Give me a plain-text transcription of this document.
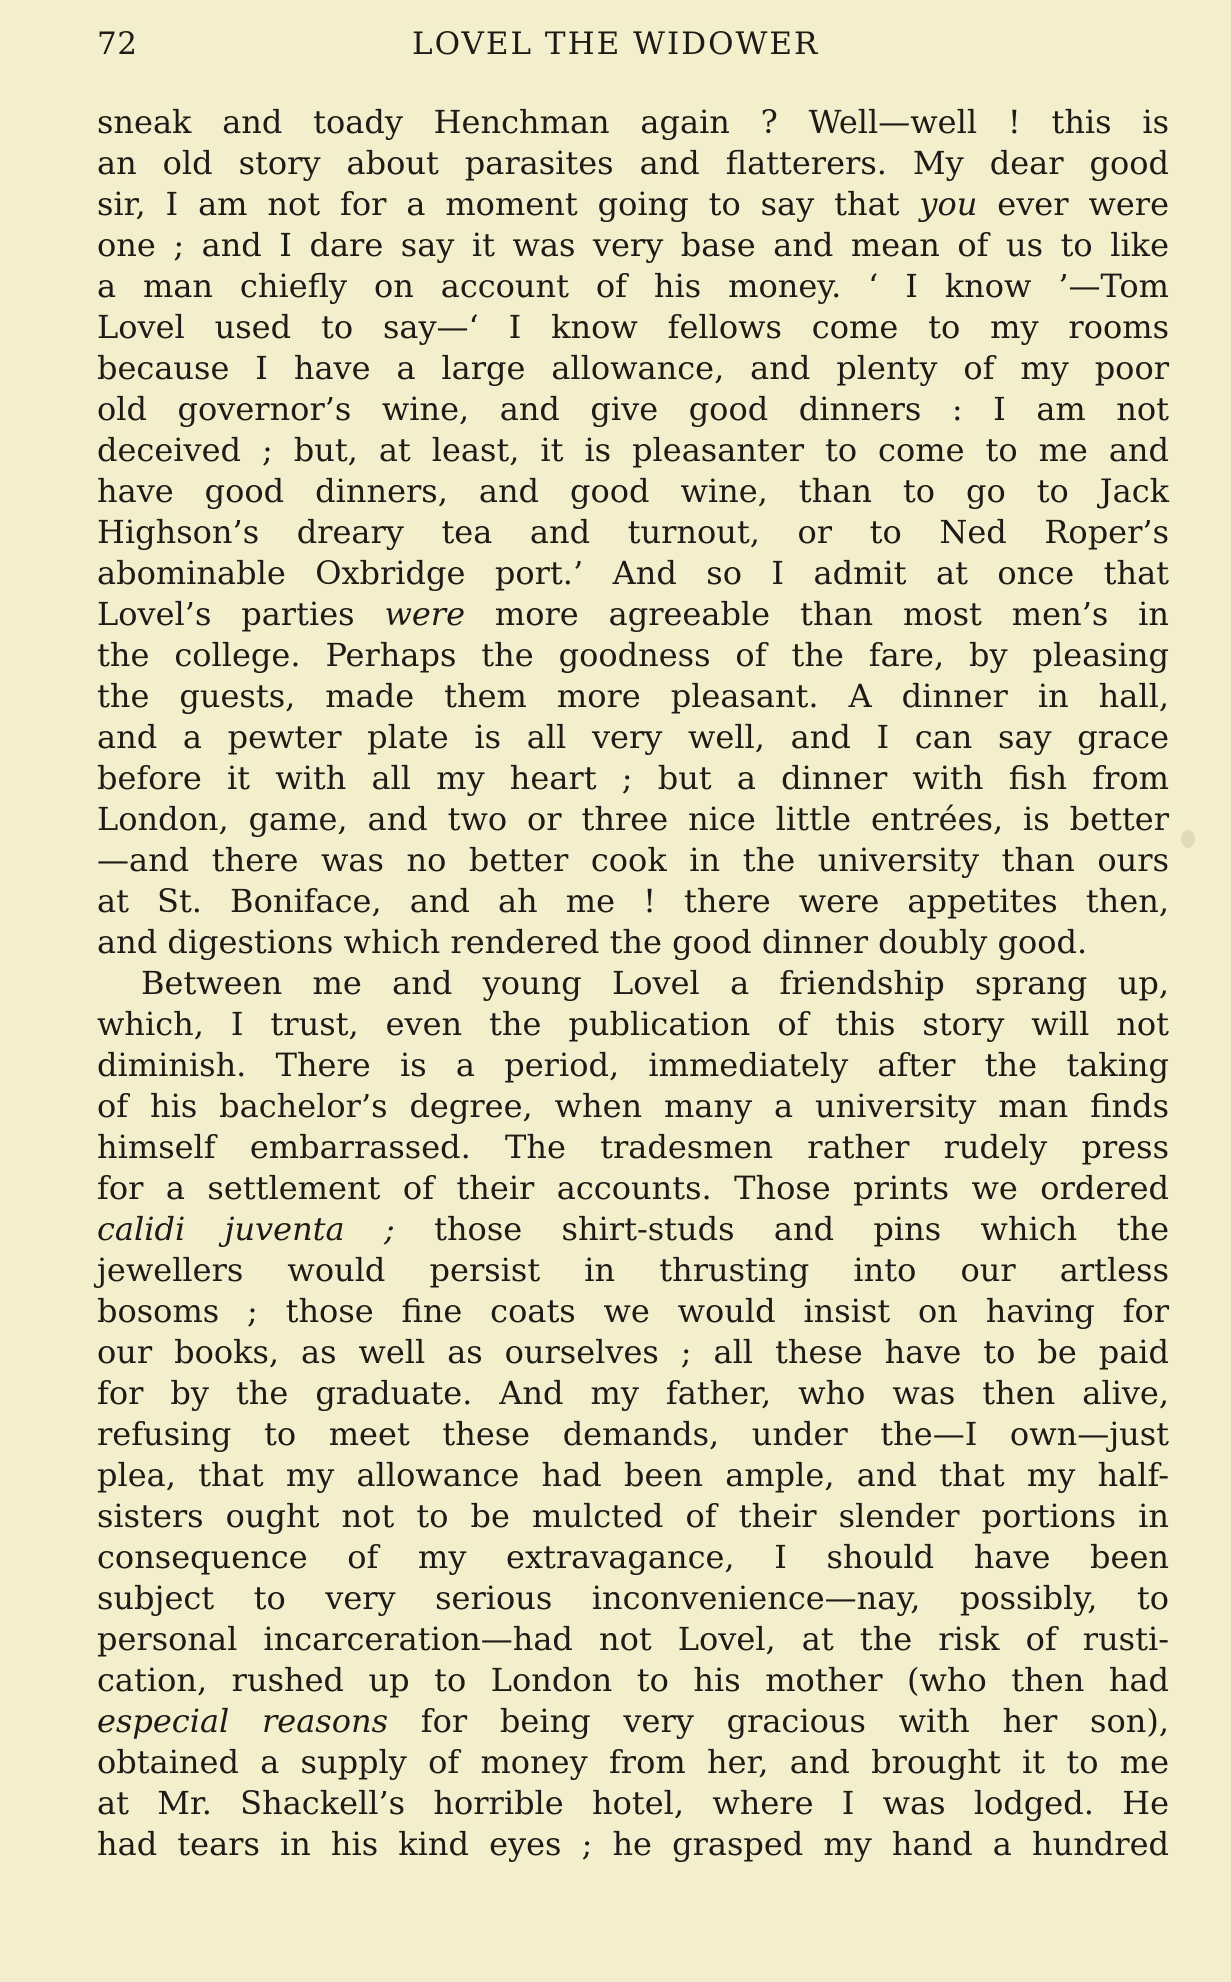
72	LOVEL THE WIDOWER
sneak and toady Henchman again ? Well—well ! this is
an old story about parasites and flatterers. My dear good
sir, I am not for a moment going to say that you ever were
one ; and I dare say it was very base and mean of us to like
a man chiefly on account of his money. ‘ I know ’—Tom
Lovel used to say—‘ I know fellows come to my rooms
because I have a large allowance, and plenty of my poor
old governor’s wine, and give good dinners : I am not
deceived ; but, at least, it is pleasanter to come to me and
have good dinners, and good wine, than to go to Jack
Highson’s dreary tea and turnout, or to Ned Roper’s
abominable Oxbridge port.’ And so I admit at once that
Lovel’s parties were more agreeable than most men’s in
the college. Perhaps the goodness of the fare, by pleasing
the guests, made them more pleasant. A dinner in hall,
and a pewter plate is all very well, and I can say grace
before it with all my heart ; but a dinner with fish from
London, game, and two or three nice little entrées, is better
—and there was no better cook in the university than ours
at St. Boniface, and ah me ! there were appetites then,
and digestions which rendered the good dinner doubly good.
Between me and young Lovel a friendship sprang up,
which, I trust, even the publication of this story will not
diminish. There is a period, immediately after the taking
of his bachelor’s degree, when many a university man finds
himself embarrassed. The tradesmen rather rudely press
for a settlement of their accounts. Those prints we ordered
calidi juventa ; those shirt-studs and pins which the
jewellers would persist in thrusting into our artless
bosoms ; those fine coats we would insist on having for
our books, as well as ourselves ; all these have to be paid
for by the graduate. And my father, who was then alive,
refusing to meet these demands, under the—I own—just
plea, that my allowance had been ample, and that my half-
sisters ought not to be mulcted of their slender portions in
consequence of my extravagance, I should have been
subject to very serious inconvenience—nay, possibly, to
personal incarceration—had not Lovel, at the risk of rusti-
cation, rushed up to London to his mother (who then had
especial reasons for being very gracious with her son),
obtained a supply of money from her, and brought it to me
at Mr. Shackell’s horrible hotel, where I was lodged. He
had tears in his kind eyes ; he grasped my hand a hundred
